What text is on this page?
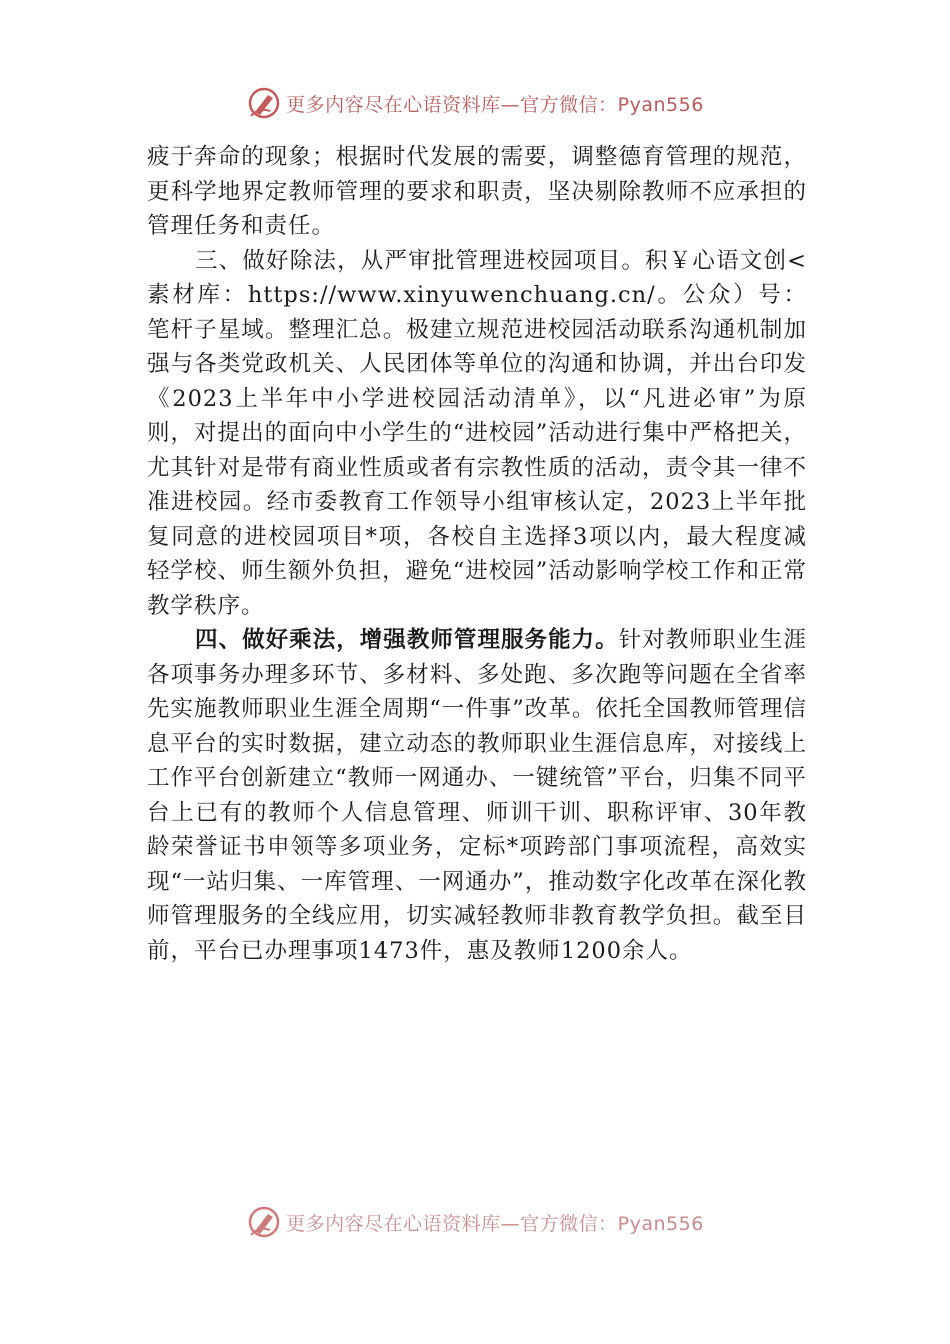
更多内容尽在心语资料库—官方微信：Pyan556

疲于奔命的现象；根据时代发展的需要，调整德育管理的规范，更科学地界定教师管理的要求和职责，坚决剔除教师不应承担的管理任务和责任。

三、做好除法，从严审批管理进校园项目。积￥心语文创<素材库：https://www.xinyuwenchuang.cn/。公众）号：笔杆子星域。整理汇总。极建立规范进校园活动联系沟通机制加强与各类党政机关、人民团体等单位的沟通和协调，并出台印发《2023上半年中小学进校园活动清单》，以“凡进必审”为原则，对提出的面向中小学生的“进校园”活动进行集中严格把关，尤其针对是带有商业性质或者有宗教性质的活动，责令其一律不准进校园。经市委教育工作领导小组审核认定，2023上半年批复同意的进校园项目*项，各校自主选择3项以内，最大程度减轻学校、师生额外负担，避免“进校园”活动影响学校工作和正常教学秩序。

四、做好乘法，增强教师管理服务能力。针对教师职业生涯各项事务办理多环节、多材料、多处跑、多次跑等问题在全省率先实施教师职业生涯全周期“一件事”改革。依托全国教师管理信息平台的实时数据，建立动态的教师职业生涯信息库，对接线上工作平台创新建立“教师一网通办、一键统管”平台，归集不同平台上已有的教师个人信息管理、师训干训、职称评审、30年教龄荣誉证书申领等多项业务，定标*项跨部门事项流程，高效实现“一站归集、一库管理、一网通办”，推动数字化改革在深化教师管理服务的全线应用，切实减轻教师非教育教学负担。截至目前，平台已办理事项1473件，惠及教师1200余人。

更多内容尽在心语资料库—官方微信：Pyan556
